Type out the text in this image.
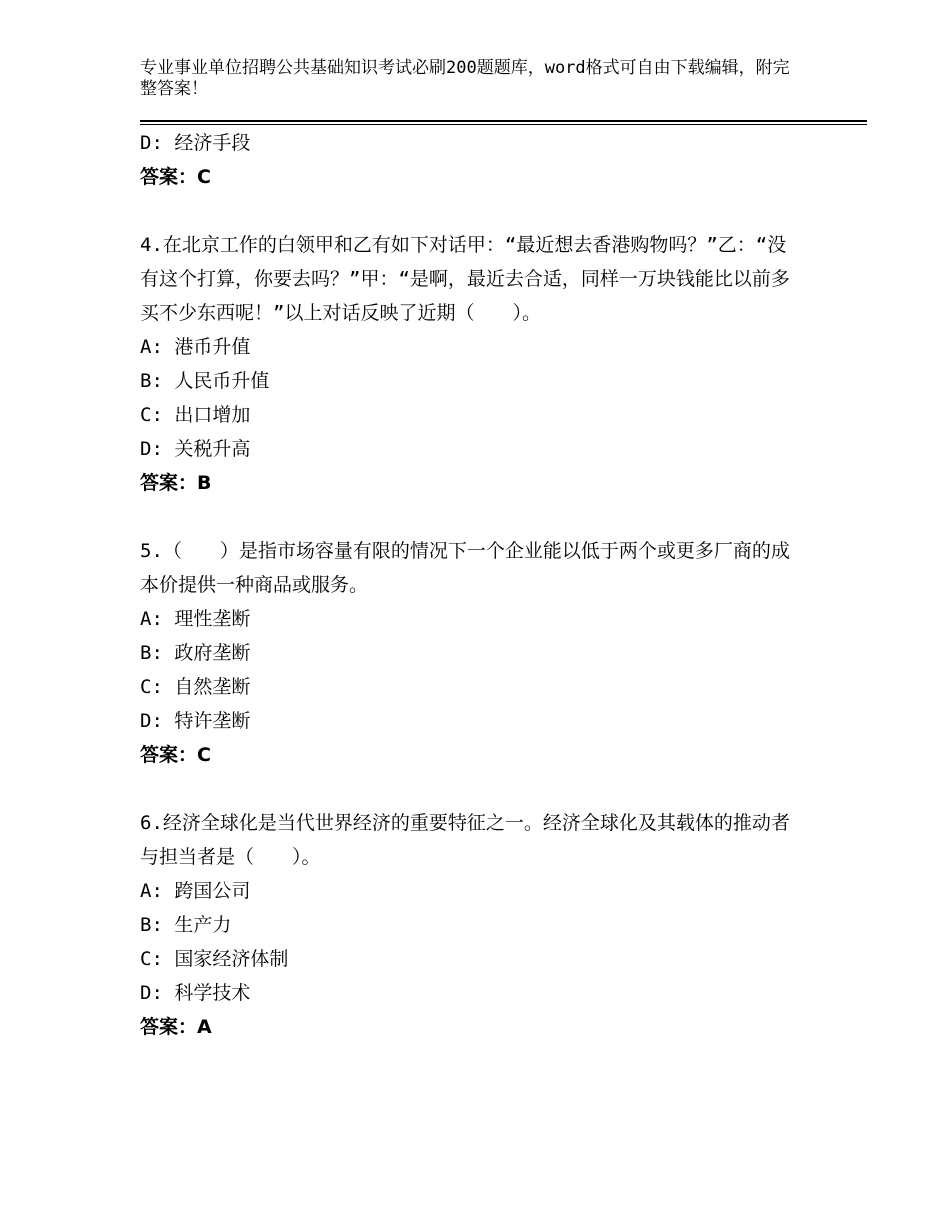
专业事业单位招聘公共基础知识考试必刷200题题库，word格式可自由下载编辑，附完整答案！
D: 经济手段
答案：C
4.在北京工作的白领甲和乙有如下对话甲：“最近想去香港购物吗？”乙：“没有这个打算，你要去吗？”甲：“是啊，最近去合适，同样一万块钱能比以前多买不少东西呢！”以上对话反映了近期（　　）。
A: 港币升值
B: 人民币升值
C: 出口增加
D: 关税升高
答案：B
5.（　　）是指市场容量有限的情况下一个企业能以低于两个或更多厂商的成本价提供一种商品或服务。
A: 理性垄断
B: 政府垄断
C: 自然垄断
D: 特许垄断
答案：C
6.经济全球化是当代世界经济的重要特征之一。经济全球化及其载体的推动者与担当者是（　　）。
A: 跨国公司
B: 生产力
C: 国家经济体制
D: 科学技术
答案：A
